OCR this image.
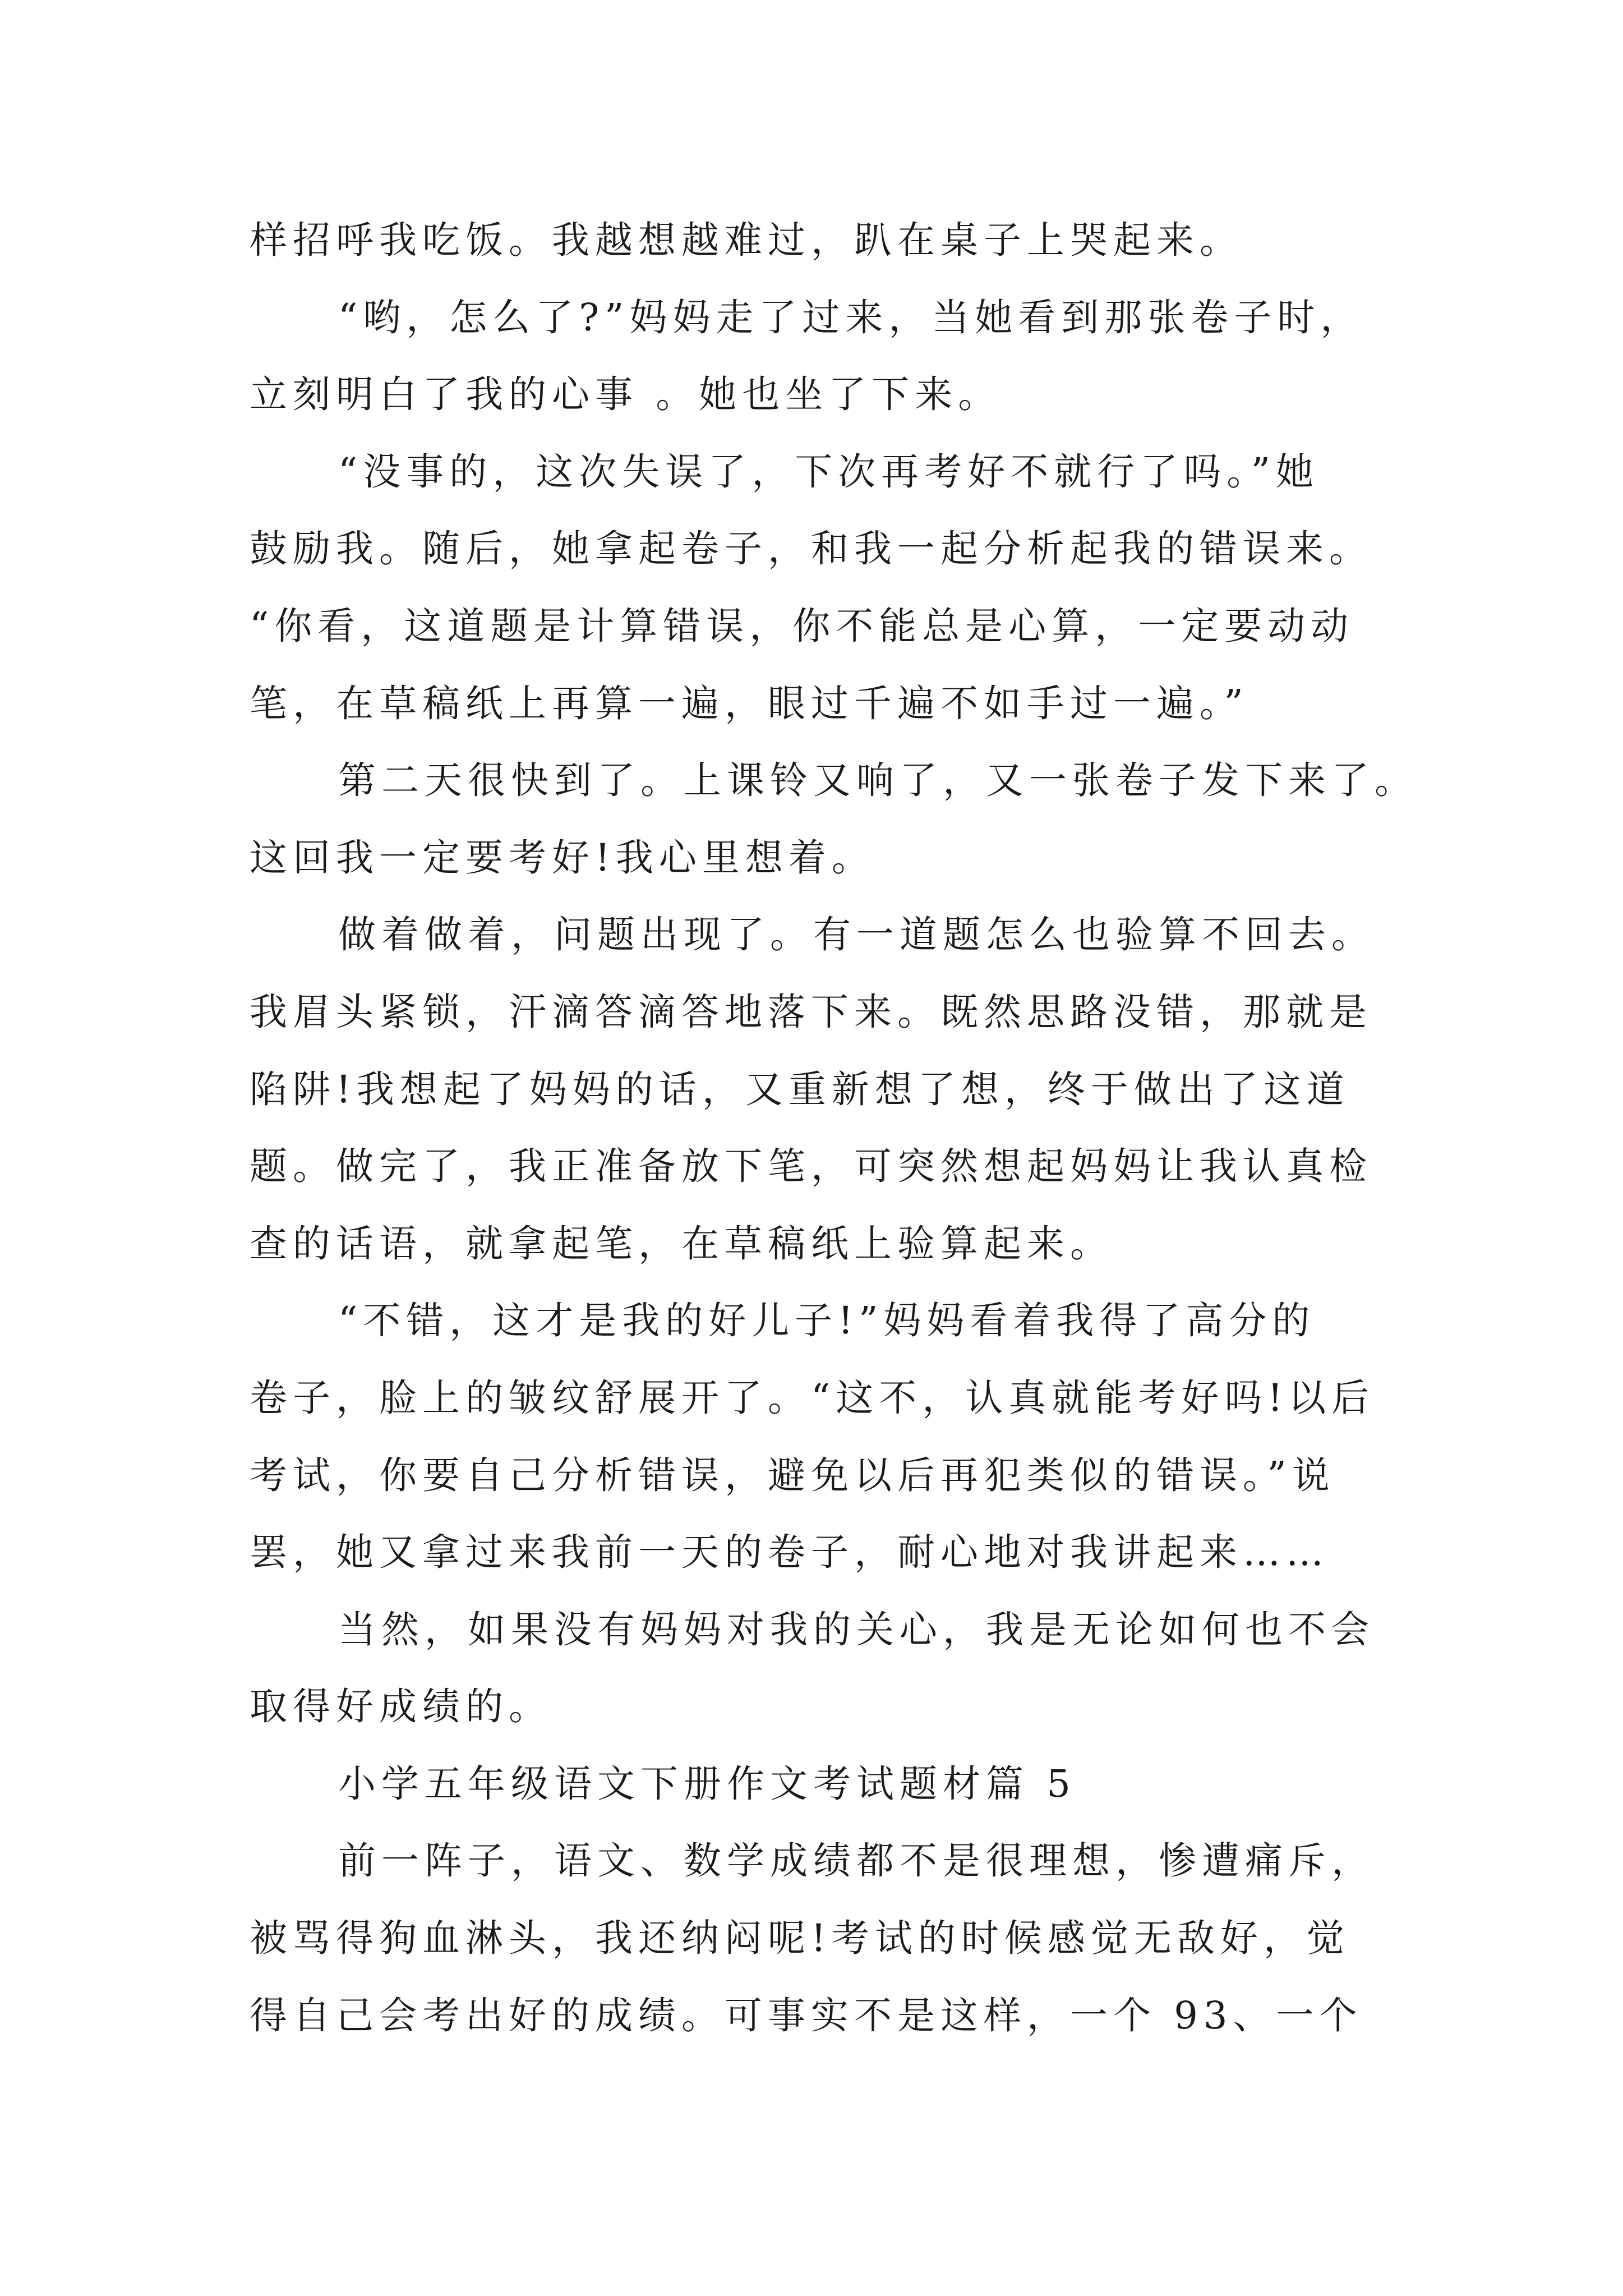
样招呼我吃饭。我越想越难过，趴在桌子上哭起来。
“哟，怎么了?”妈妈走了过来，当她看到那张卷子时，
立刻明白了我的心事 。她也坐了下来。
“没事的，这次失误了，下次再考好不就行了吗。”她
鼓励我。随后，她拿起卷子，和我一起分析起我的错误来。
“你看，这道题是计算错误，你不能总是心算，一定要动动
笔，在草稿纸上再算一遍，眼过千遍不如手过一遍。”
第二天很快到了。上课铃又响了，又一张卷子发下来了。
这回我一定要考好!我心里想着。
做着做着，问题出现了。有一道题怎么也验算不回去。
我眉头紧锁，汗滴答滴答地落下来。既然思路没错，那就是
陷阱!我想起了妈妈的话，又重新想了想，终于做出了这道
题。做完了，我正准备放下笔，可突然想起妈妈让我认真检
查的话语，就拿起笔，在草稿纸上验算起来。
“不错，这才是我的好儿子!”妈妈看着我得了高分的
卷子，脸上的皱纹舒展开了。“这不，认真就能考好吗!以后
考试，你要自己分析错误，避免以后再犯类似的错误。”说
罢，她又拿过来我前一天的卷子，耐心地对我讲起来……
当然，如果没有妈妈对我的关心，我是无论如何也不会
取得好成绩的。
小学五年级语文下册作文考试题材篇 5
前一阵子，语文、数学成绩都不是很理想，惨遭痛斥，
被骂得狗血淋头，我还纳闷呢!考试的时候感觉无敌好，觉
得自己会考出好的成绩。可事实不是这样，一个 93、一个
